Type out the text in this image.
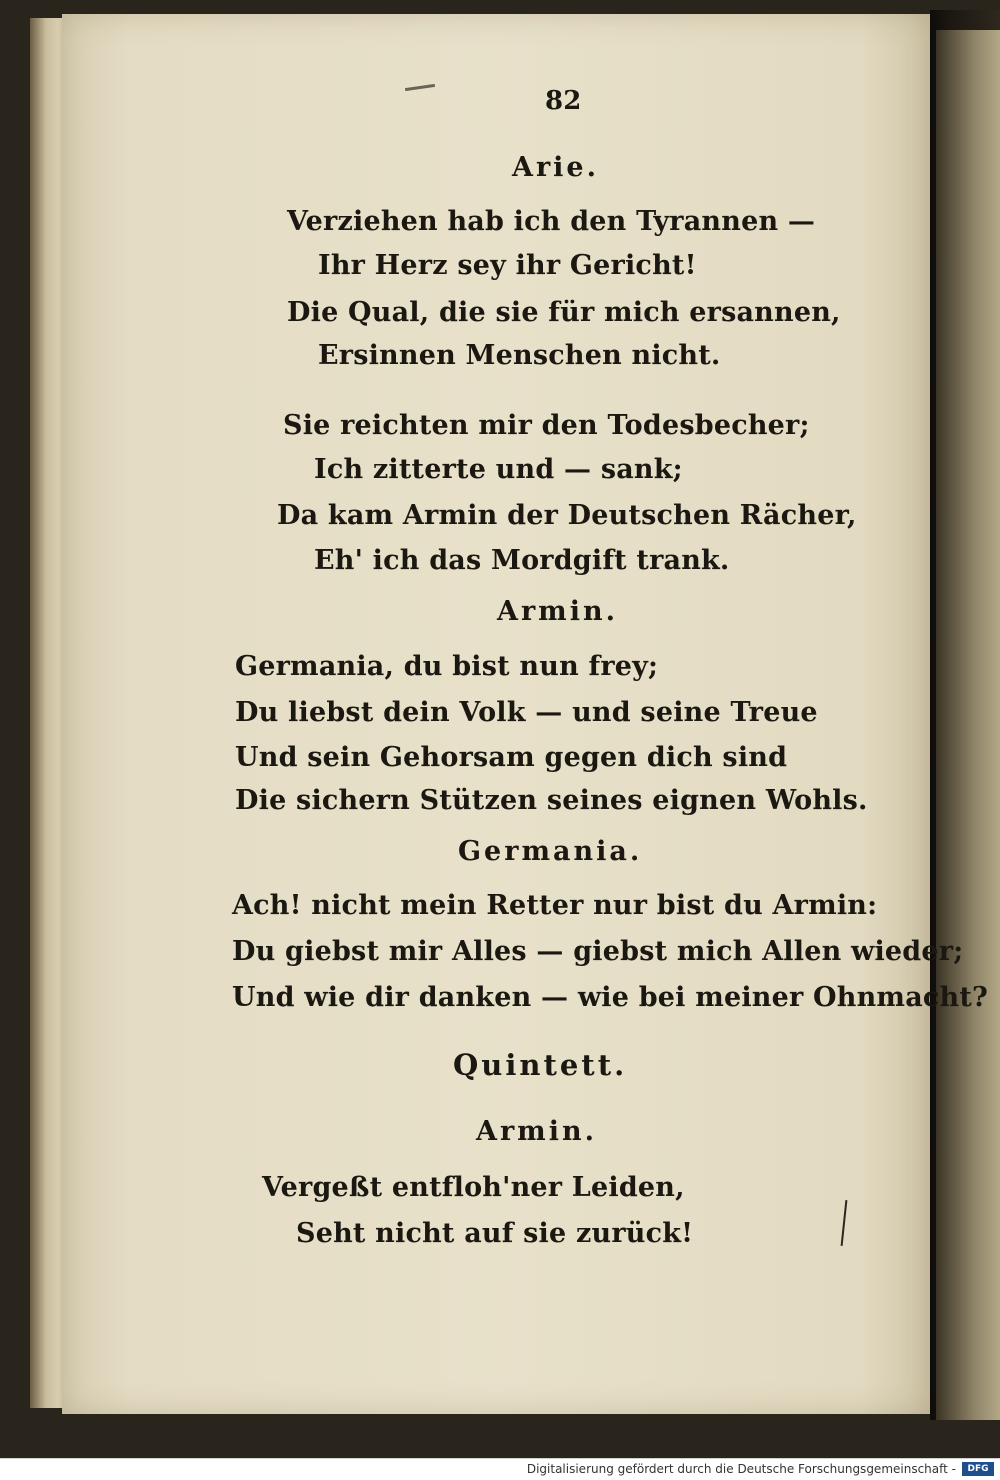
82
Arie.
Verziehen hab ich den Tyrannen —
Ihr Herz sey ihr Gericht!
Die Qual, die sie für mich ersannen,
Ersinnen Menschen nicht.
Sie reichten mir den Todesbecher;
Ich zitterte und — sank;
Da kam Armin der Deutschen Rächer,
Eh' ich das Mordgift trank.
Armin.
Germania, du bist nun frey;
Du liebst dein Volk — und seine Treue
Und sein Gehorsam gegen dich sind
Die sichern Stützen seines eignen Wohls.
Germania.
Ach! nicht mein Retter nur bist du Armin:
Du giebst mir Alles — giebst mich Allen wieder;
Und wie dir danken — wie bei meiner Ohnmacht?
Quintett.
Armin.
Vergeßt entfloh'ner Leiden,
Seht nicht auf sie zurück!
Digitalisierung gefördert durch die Deutsche Forschungsgemeinschaft -	DFG
